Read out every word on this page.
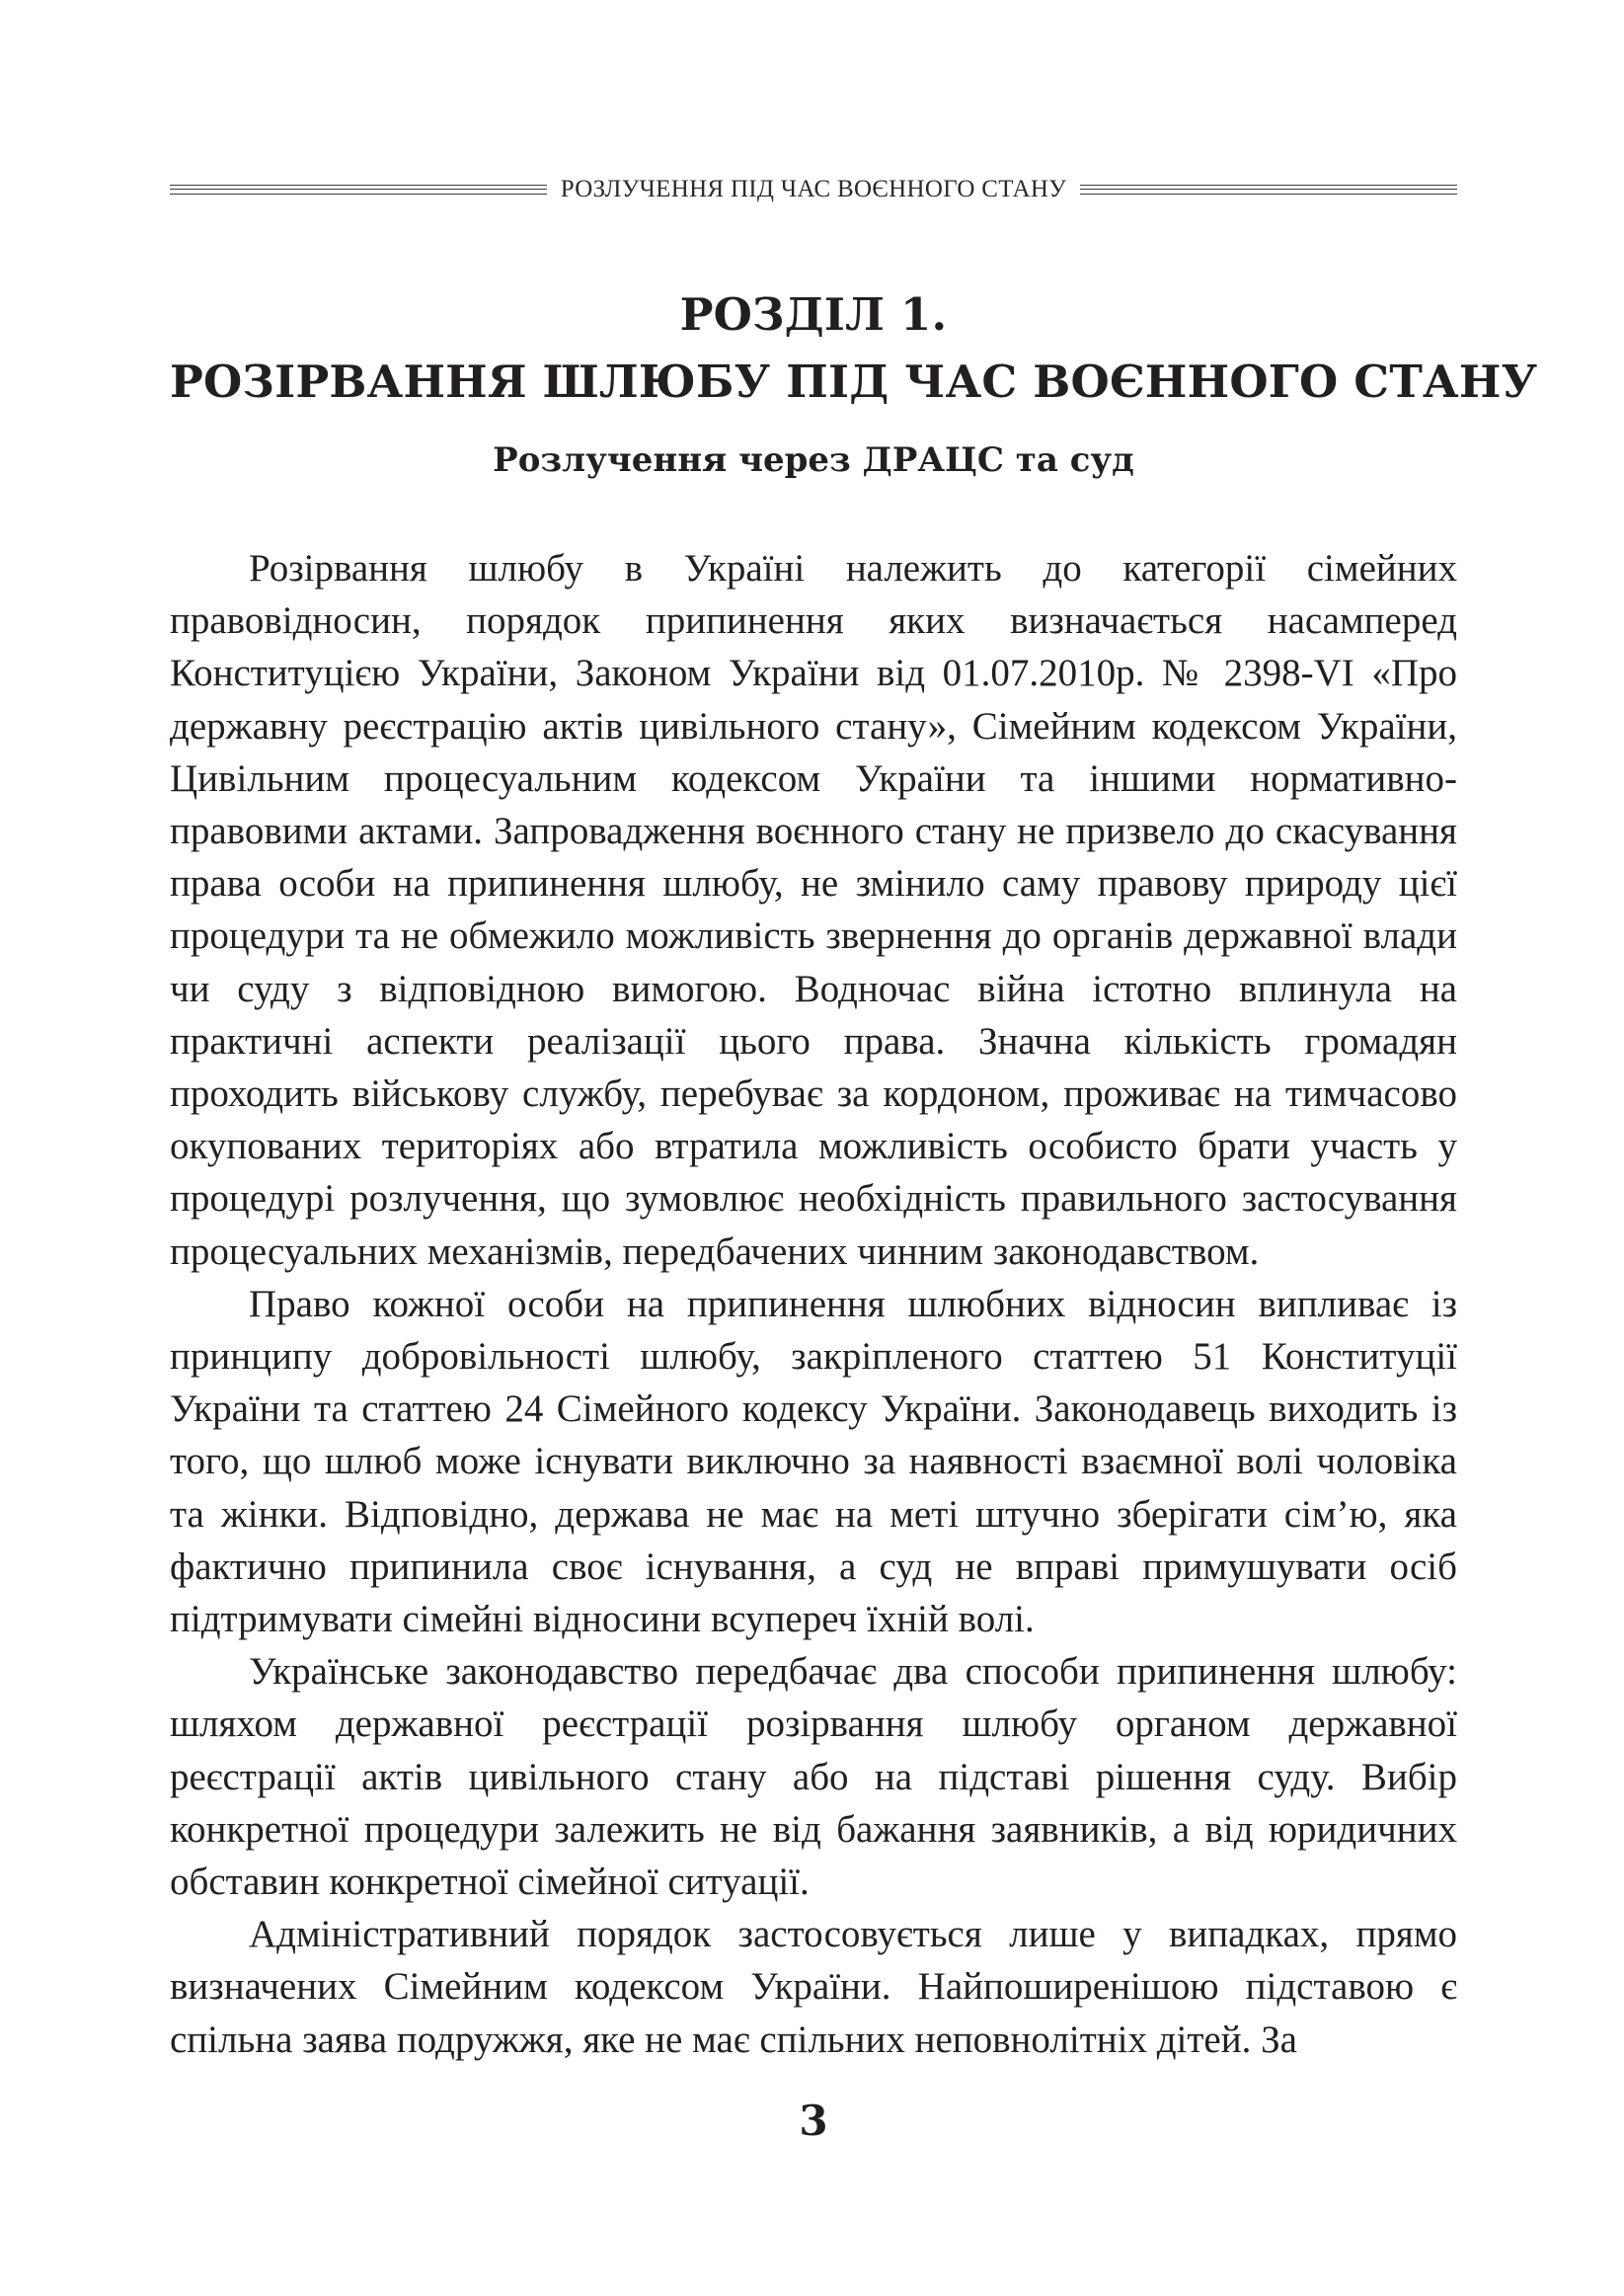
РОЗЛУЧЕННЯ ПІД ЧАС ВОЄННОГО СТАНУ
РОЗДІЛ 1.
РОЗІРВАННЯ ШЛЮБУ ПІД ЧАС ВОЄННОГО СТАНУ
Розлучення через ДРАЦС та суд

Розірвання шлюбу в Україні належить до категорії сімейних правовідносин, порядок припинення яких визначається насамперед Конституцією України, Законом України від 01.07.2010р. № 2398-VI «Про державну реєстрацію актів цивільного стану», Сімейним кодексом України, Цивільним процесуальним кодексом України та іншими нормативно-правовими актами. Запровадження воєнного стану не призвело до скасування права особи на припинення шлюбу, не змінило саму правову природу цієї процедури та не обмежило можливість звернення до органів державної влади чи суду з відповідною вимогою. Водночас війна істотно вплинула на практичні аспекти реалізації цього права. Значна кількість громадян проходить військову службу, перебуває за кордоном, проживає на тимчасово окупованих територіях або втратила можливість особисто брати участь у процедурі розлучення, що зумовлює необхідність правильного застосування процесуальних механізмів, передбачених чинним законодавством.

Право кожної особи на припинення шлюбних відносин випливає із принципу добровільності шлюбу, закріпленого статтею 51 Конституції України та статтею 24 Сімейного кодексу України. Законодавець виходить із того, що шлюб може існувати виключно за наявності взаємної волі чоловіка та жінки. Відповідно, держава не має на меті штучно зберігати сім’ю, яка фактично припинила своє існування, а суд не вправі примушувати осіб підтримувати сімейні відносини всупереч їхній волі.

Українське законодавство передбачає два способи припинення шлюбу: шляхом державної реєстрації розірвання шлюбу органом державної реєстрації актів цивільного стану або на підставі рішення суду. Вибір конкретної процедури залежить не від бажання заявників, а від юридичних обставин конкретної сімейної ситуації.

Адміністративний порядок застосовується лише у випадках, прямо визначених Сімейним кодексом України. Найпоширенішою підставою є спільна заява подружжя, яке не має спільних неповнолітніх дітей. За

3
